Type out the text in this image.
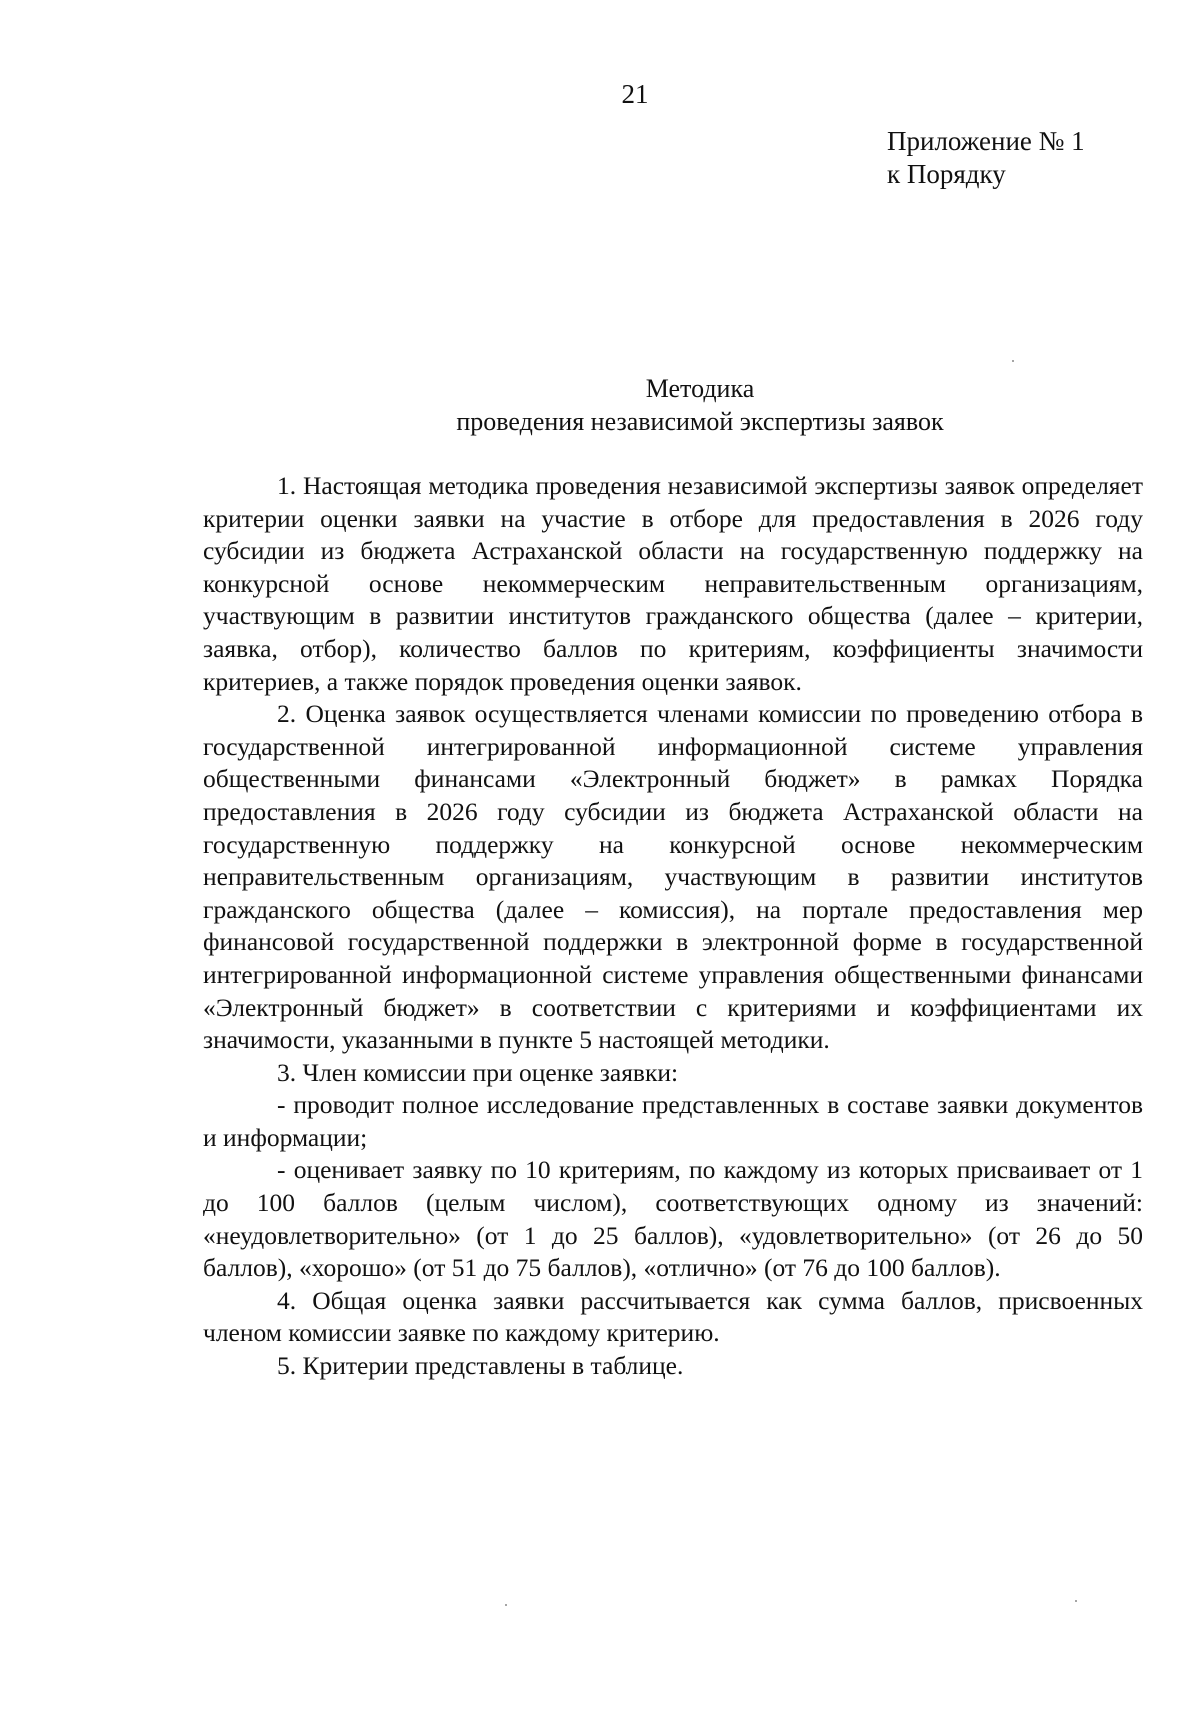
21
Приложение № 1
к Порядку
Методика
проведения независимой экспертизы заявок

1. Настоящая методика проведения независимой экспертизы заявок определяет критерии оценки заявки на участие в отборе для предоставления в 2026 году субсидии из бюджета Астраханской области на государственную поддержку на конкурсной основе некоммерческим неправительственным организациям, участвующим в развитии институтов гражданского общества (далее – критерии, заявка, отбор), количество баллов по критериям, коэффициенты значимости критериев, а также порядок проведения оценки заявок.

2. Оценка заявок осуществляется членами комиссии по проведению отбора в государственной интегрированной информационной системе управления общественными финансами «Электронный бюджет» в рамках Порядка предоставления в 2026 году субсидии из бюджета Астраханской области на государственную поддержку на конкурсной основе некоммерческим неправительственным организациям, участвующим в развитии институтов гражданского общества (далее – комиссия), на портале предоставления мер финансовой государственной поддержки в электронной форме в государственной интегрированной информационной системе управления общественными финансами «Электронный бюджет» в соответствии с критериями и коэффициентами их значимости, указанными в пункте 5 настоящей методики.

3. Член комиссии при оценке заявки:

- проводит полное исследование представленных в составе заявки документов и информации;

- оценивает заявку по 10 критериям, по каждому из которых присваивает от 1 до 100 баллов (целым числом), соответствующих одному из значений: «неудовлетворительно» (от 1 до 25 баллов), «удовлетворительно» (от 26 до 50 баллов), «хорошо» (от 51 до 75 баллов), «отлично» (от 76 до 100 баллов).

4. Общая оценка заявки рассчитывается как сумма баллов, присвоенных членом комиссии заявке по каждому критерию.

5. Критерии представлены в таблице.
